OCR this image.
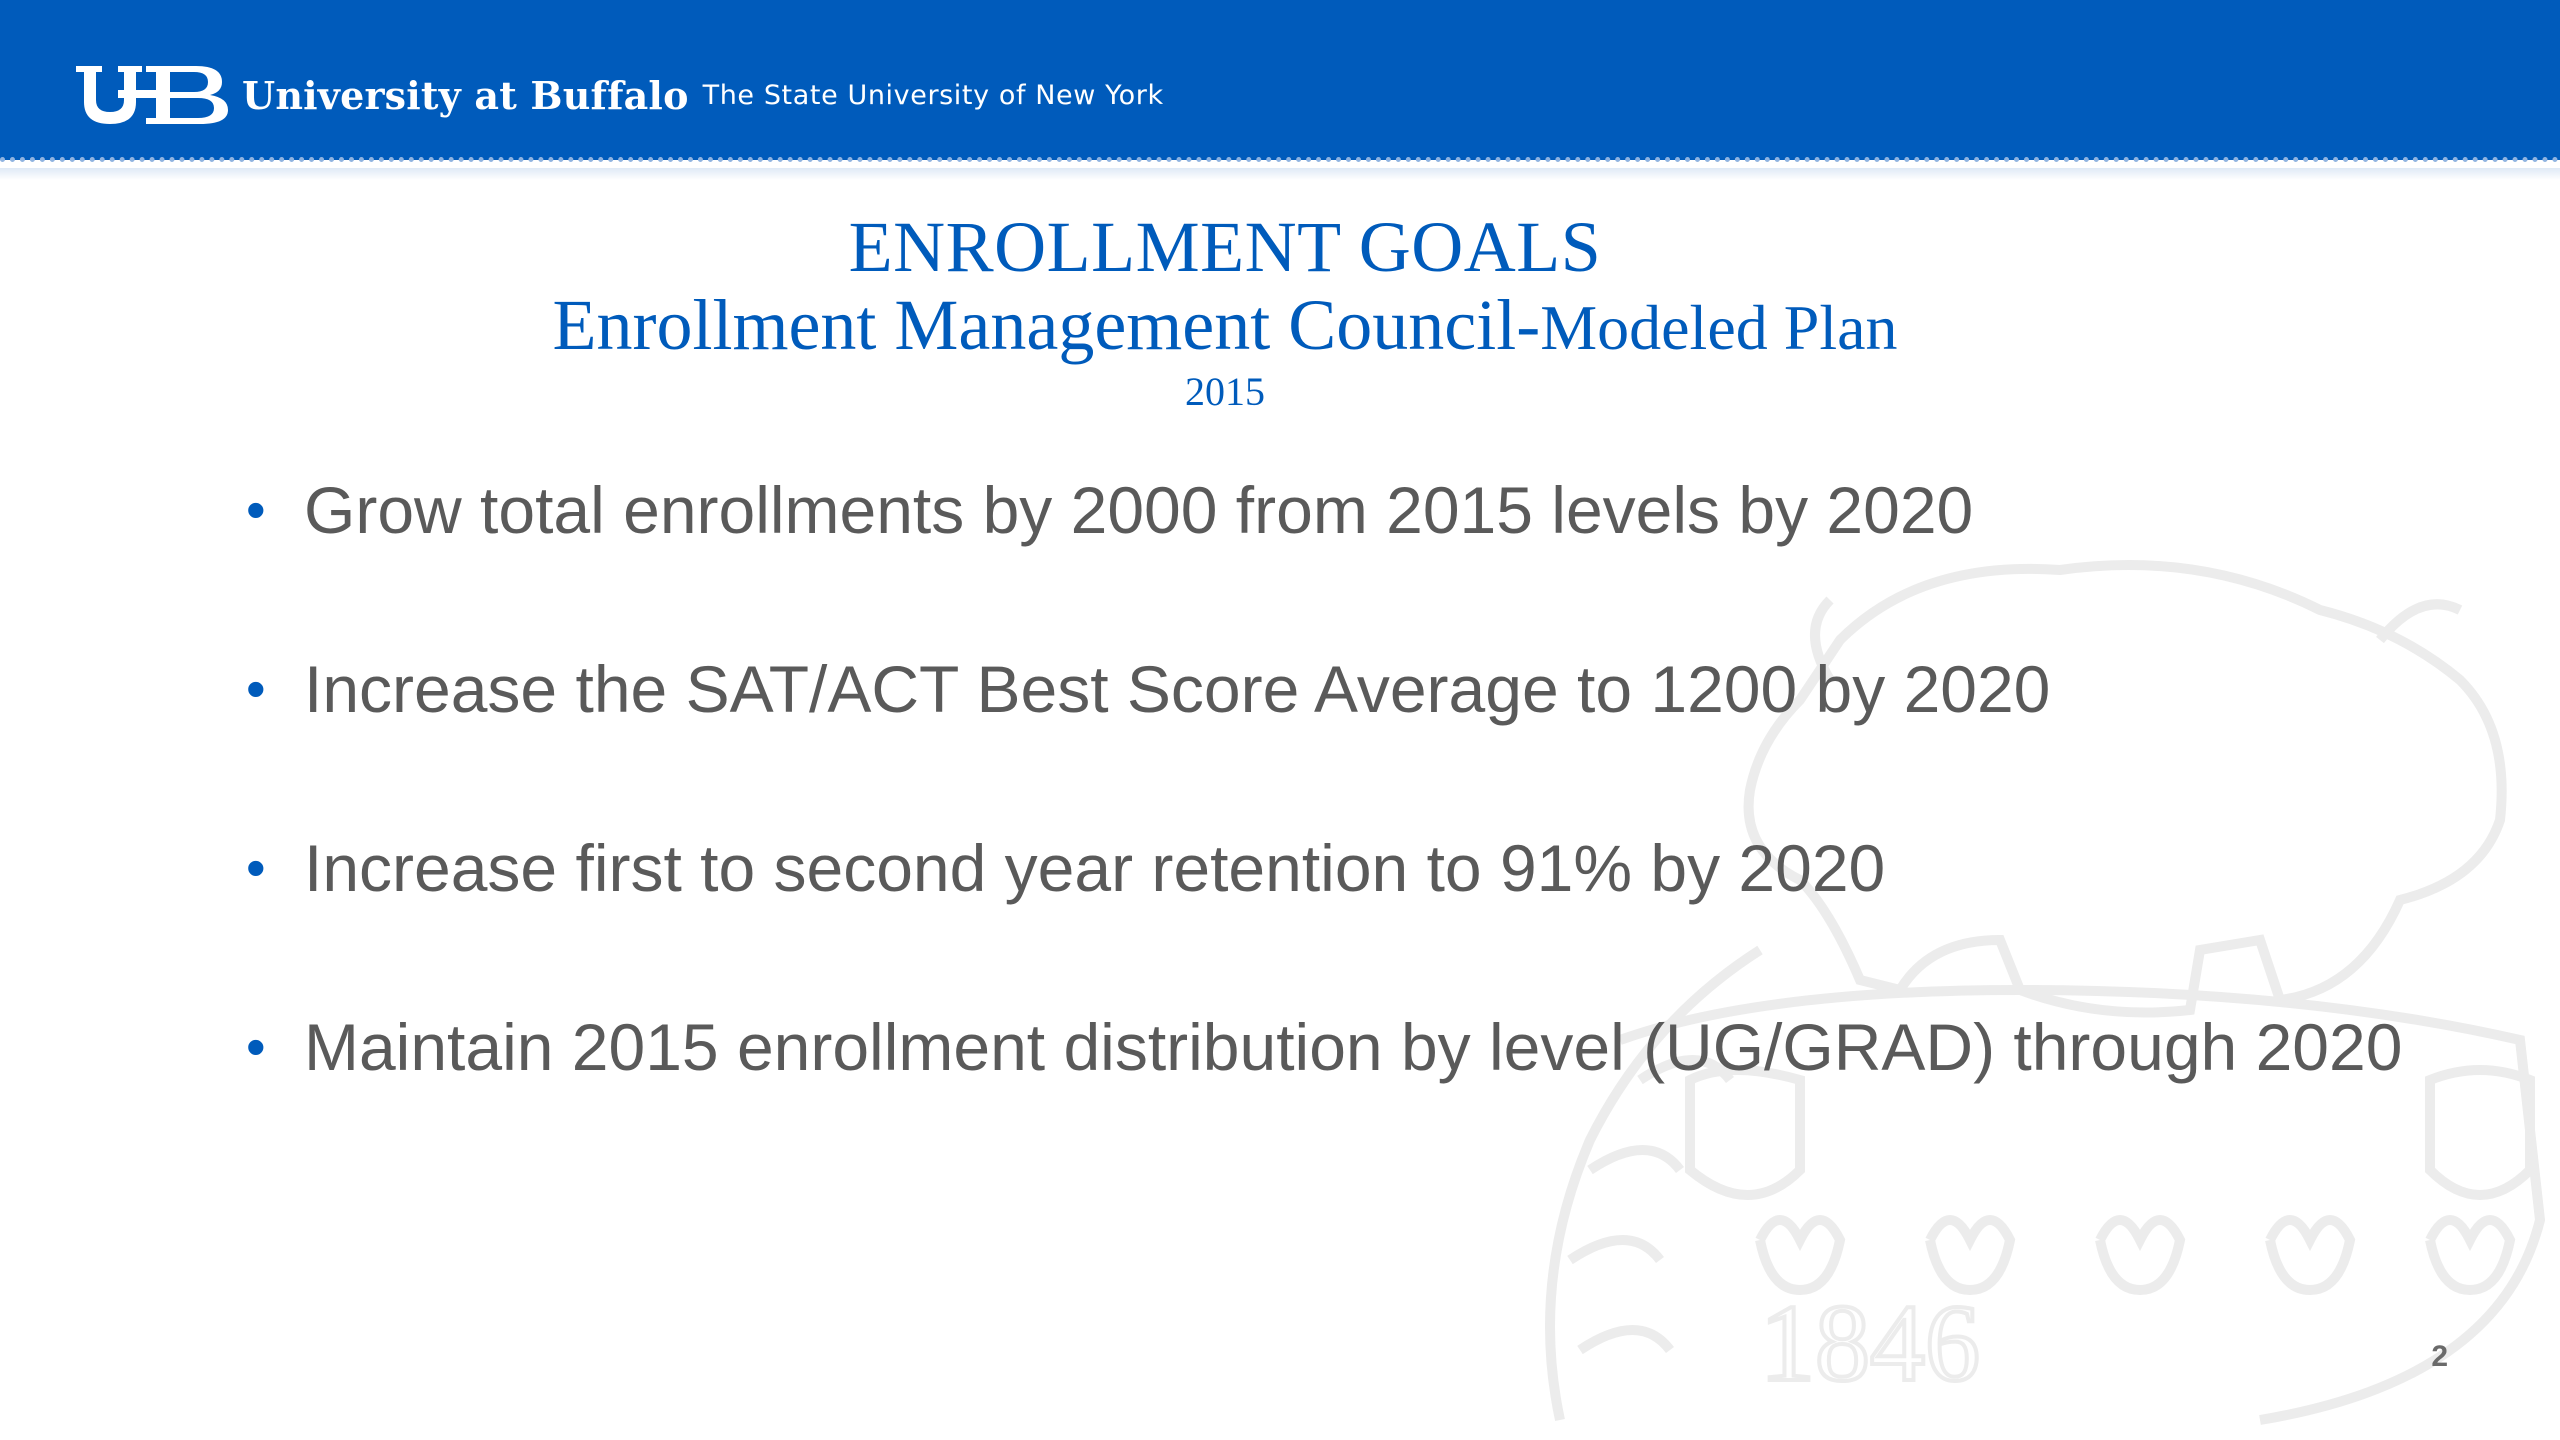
University at Buffalo The State University of New York
1846
ENROLLMENT GOALS
Enrollment Management Council-Modeled Plan
2015
• Grow total enrollments by 2000 from 2015 levels by 2020
• Increase the SAT/ACT Best Score Average to 1200 by 2020
• Increase first to second year retention to 91% by 2020
• Maintain 2015 enrollment distribution by level (UG/GRAD) through 2020
2
